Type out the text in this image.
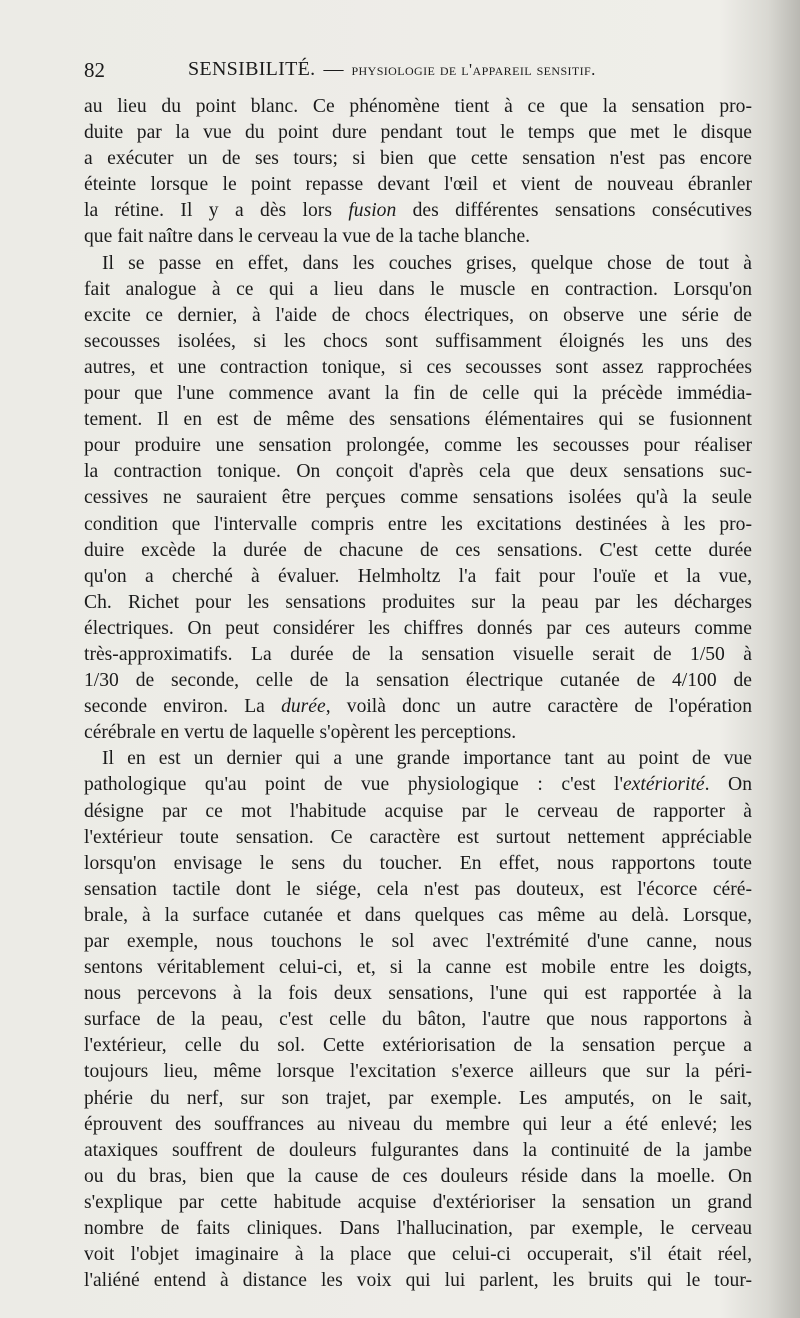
82	SENSIBILITÉ. — physiologie de l'appareil sensitif.
au lieu du point blanc. Ce phénomène tient à ce que la sensation pro-
duite par la vue du point dure pendant tout le temps que met le disque
a exécuter un de ses tours; si bien que cette sensation n'est pas encore
éteinte lorsque le point repasse devant l'œil et vient de nouveau ébranler
la rétine. Il y a dès lors fusion des différentes sensations consécutives
que fait naître dans le cerveau la vue de la tache blanche.
Il se passe en effet, dans les couches grises, quelque chose de tout à
fait analogue à ce qui a lieu dans le muscle en contraction. Lorsqu'on
excite ce dernier, à l'aide de chocs électriques, on observe une série de
secousses isolées, si les chocs sont suffisamment éloignés les uns des
autres, et une contraction tonique, si ces secousses sont assez rapprochées
pour que l'une commence avant la fin de celle qui la précède immédia-
tement. Il en est de même des sensations élémentaires qui se fusionnent
pour produire une sensation prolongée, comme les secousses pour réaliser
la contraction tonique. On conçoit d'après cela que deux sensations suc-
cessives ne sauraient être perçues comme sensations isolées qu'à la seule
condition que l'intervalle compris entre les excitations destinées à les pro-
duire excède la durée de chacune de ces sensations. C'est cette durée
qu'on a cherché à évaluer. Helmholtz l'a fait pour l'ouïe et la vue,
Ch. Richet pour les sensations produites sur la peau par les décharges
électriques. On peut considérer les chiffres donnés par ces auteurs comme
très-approximatifs. La durée de la sensation visuelle serait de 1/50 à
1/30 de seconde, celle de la sensation électrique cutanée de 4/100 de
seconde environ. La durée, voilà donc un autre caractère de l'opération
cérébrale en vertu de laquelle s'opèrent les perceptions.
Il en est un dernier qui a une grande importance tant au point de vue
pathologique qu'au point de vue physiologique : c'est l'extériorité. On
désigne par ce mot l'habitude acquise par le cerveau de rapporter à
l'extérieur toute sensation. Ce caractère est surtout nettement appréciable
lorsqu'on envisage le sens du toucher. En effet, nous rapportons toute
sensation tactile dont le siége, cela n'est pas douteux, est l'écorce céré-
brale, à la surface cutanée et dans quelques cas même au delà. Lorsque,
par exemple, nous touchons le sol avec l'extrémité d'une canne, nous
sentons véritablement celui-ci, et, si la canne est mobile entre les doigts,
nous percevons à la fois deux sensations, l'une qui est rapportée à la
surface de la peau, c'est celle du bâton, l'autre que nous rapportons à
l'extérieur, celle du sol. Cette extériorisation de la sensation perçue a
toujours lieu, même lorsque l'excitation s'exerce ailleurs que sur la péri-
phérie du nerf, sur son trajet, par exemple. Les amputés, on le sait,
éprouvent des souffrances au niveau du membre qui leur a été enlevé; les
ataxiques souffrent de douleurs fulgurantes dans la continuité de la jambe
ou du bras, bien que la cause de ces douleurs réside dans la moelle. On
s'explique par cette habitude acquise d'extérioriser la sensation un grand
nombre de faits cliniques. Dans l'hallucination, par exemple, le cerveau
voit l'objet imaginaire à la place que celui-ci occuperait, s'il était réel,
l'aliéné entend à distance les voix qui lui parlent, les bruits qui le tour-
